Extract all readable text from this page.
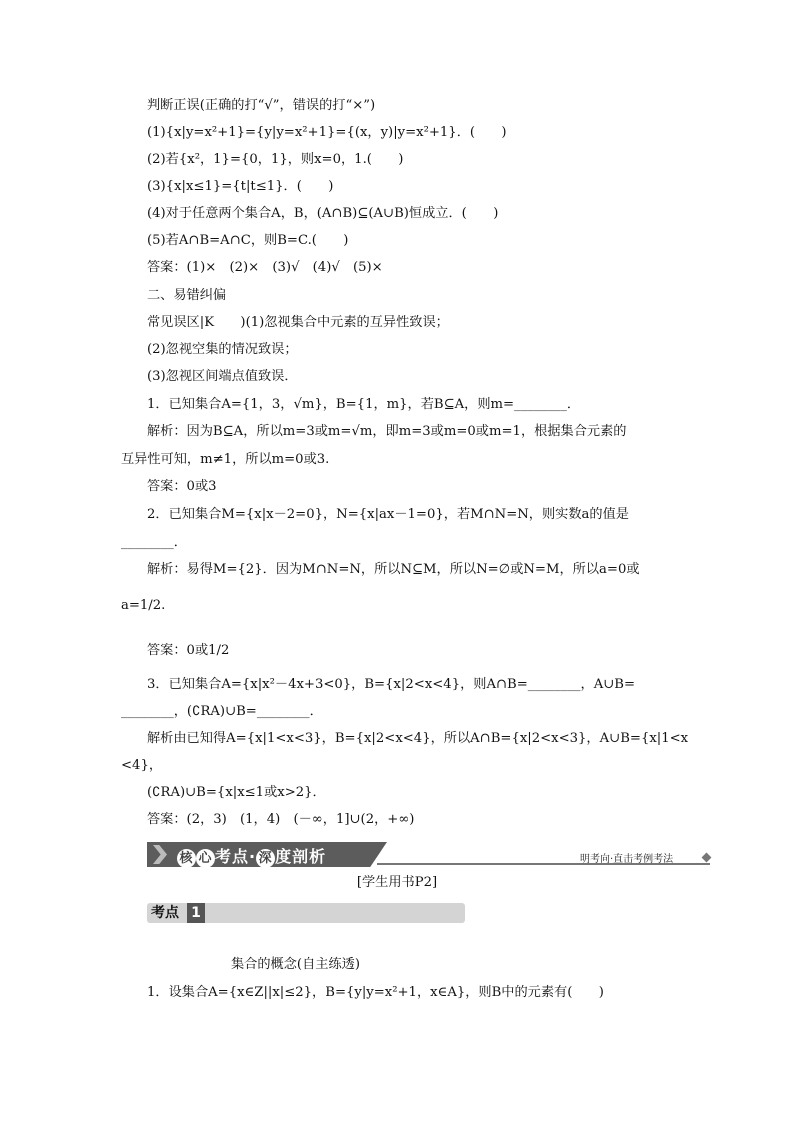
判断正误(正确的打“√”，错误的打“×”)
(1){x|y=x²+1}={y|y=x²+1}={(x，y)|y=x²+1}．(　　)
(2)若{x²，1}={0，1}，则x=0，1.(　　)
(3){x|x≤1}={t|t≤1}．(　　)
(4)对于任意两个集合A，B，(A∩B)⊆(A∪B)恒成立．(　　)
(5)若A∩B=A∩C，则B=C.(　　)
答案：(1)×　(2)×　(3)√　(4)√　(5)×
二、易错纠偏
常见误区|K　　)(1)忽视集合中元素的互异性致误；
(2)忽视空集的情况致误；
(3)忽视区间端点值致误．
1．已知集合A={1，3，√m}，B={1，m}，若B⊆A，则m=________．
解析：因为B⊆A，所以m=3或m=√m，即m=3或m=0或m=1，根据集合元素的
互异性可知，m≠1，所以m=0或3.
答案：0或3
2．已知集合M={x|x－2=0}，N={x|ax－1=0}，若M∩N=N，则实数a的值是
________．
解析：易得M={2}．因为M∩N=N，所以N⊆M，所以N=∅或N=M，所以a=0或
a=1/2.
答案：0或1/2
3．已知集合A={x|x²－4x+3<0}，B={x|2<x<4}，则A∩B=________，A∪B=
________，(∁RA)∪B=________．
解析由已知得A={x|1<x<3}，B={x|2<x<4}，所以A∩B={x|2<x<3}，A∪B={x|1<x
<4}，
(∁RA)∪B={x|x≤1或x>2}．
答案：(2，3)　(1，4)　(－∞，1]∪(2，+∞)
核 心 考点· 深 度剖析	明考向·直击考例考法
[学生用书P2]
考点 1
集合的概念(自主练透)
1．设集合A={x∈Z||x|≤2}，B={y|y=x²+1，x∈A}，则B中的元素有(　　)
